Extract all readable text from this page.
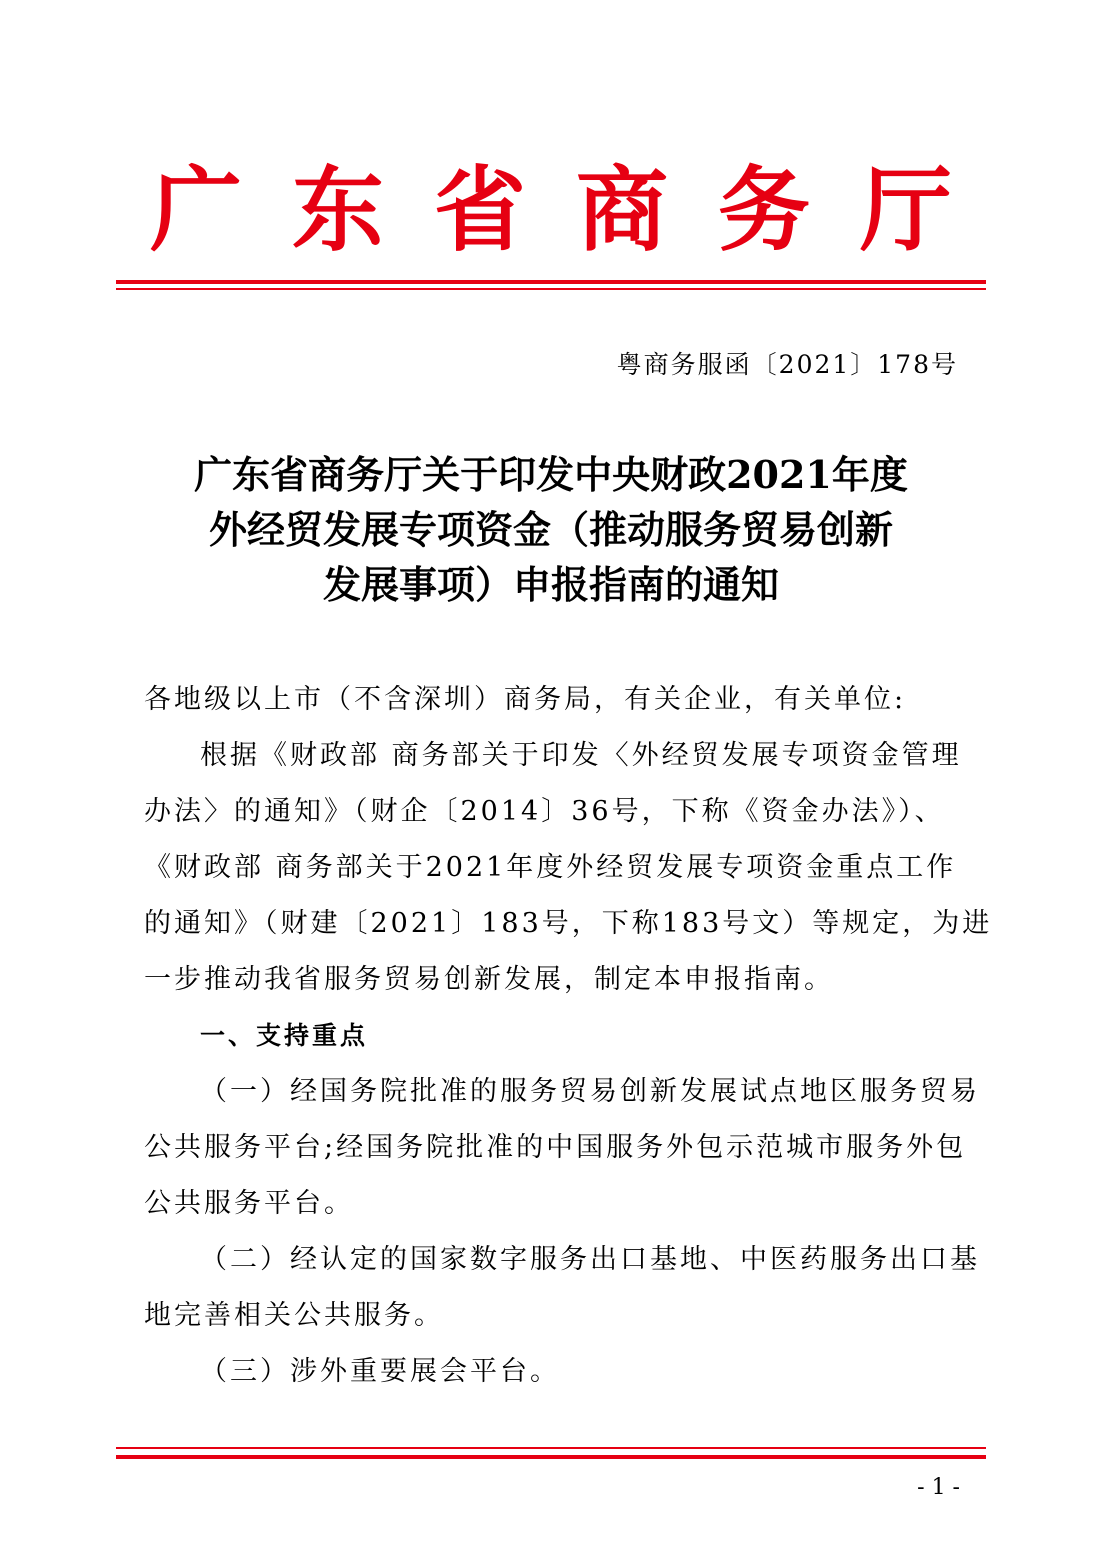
广东省商务厅
粤商务服函〔2021〕178号
广东省商务厅关于印发中央财政2021年度
外经贸发展专项资金（推动服务贸易创新
发展事项）申报指南的通知
各地级以上市（不含深圳）商务局，有关企业，有关单位:
根据《财政部 商务部关于印发〈外经贸发展专项资金管理
办法〉的通知》（财企〔2014〕36号，下称《资金办法》）、
《财政部 商务部关于2021年度外经贸发展专项资金重点工作
的通知》（财建〔2021〕183号，下称183号文）等规定，为进
一步推动我省服务贸易创新发展，制定本申报指南。
一、支持重点
（一）经国务院批准的服务贸易创新发展试点地区服务贸易
公共服务平台;经国务院批准的中国服务外包示范城市服务外包
公共服务平台。
（二）经认定的国家数字服务出口基地、中医药服务出口基
地完善相关公共服务。
（三）涉外重要展会平台。
- 1 -
